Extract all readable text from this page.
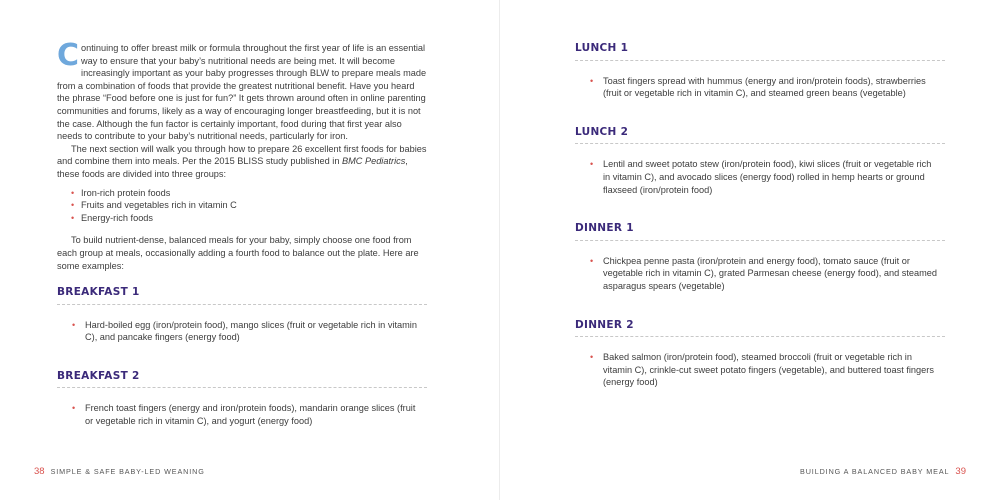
Continuing to offer breast milk or formula throughout the first year of life is an essential way to ensure that your baby’s nutritional needs are being met. It will become increasingly important as your baby progresses through BLW to prepare meals made from a combination of foods that provide the greatest nutritional benefit. Have you heard the phrase “Food before one is just for fun?” It gets thrown around often in online parenting communities and forums, likely as a way of encouraging longer breastfeeding, but it is not the case. Although the fun factor is certainly important, food during that first year also needs to contribute to your baby’s nutritional needs, particularly for iron.

The next section will walk you through how to prepare 26 excellent first foods for babies and combine them into meals. Per the 2015 BLISS study published in BMC Pediatrics, these foods are divided into three groups:

• Iron-rich protein foods
• Fruits and vegetables rich in vitamin C
• Energy-rich foods

To build nutrient-dense, balanced meals for your baby, simply choose one food from each group at meals, occasionally adding a fourth food to balance out the plate. Here are some examples:

BREAKFAST 1
• Hard-boiled egg (iron/protein food), mango slices (fruit or vegetable rich in vitamin C), and pancake fingers (energy food)
BREAKFAST 2
• French toast fingers (energy and iron/protein foods), mandarin orange slices (fruit or vegetable rich in vitamin C), and yogurt (energy food)
38 SIMPLE & SAFE BABY-LED WEANING
LUNCH 1
• Toast fingers spread with hummus (energy and iron/protein foods), strawberries (fruit or vegetable rich in vitamin C), and steamed green beans (vegetable)
LUNCH 2
• Lentil and sweet potato stew (iron/protein food), kiwi slices (fruit or vegetable rich in vitamin C), and avocado slices (energy food) rolled in hemp hearts or ground flaxseed (iron/protein food)
DINNER 1
• Chickpea penne pasta (iron/protein and energy food), tomato sauce (fruit or vegetable rich in vitamin C), grated Parmesan cheese (energy food), and steamed asparagus spears (vegetable)
DINNER 2
• Baked salmon (iron/protein food), steamed broccoli (fruit or vegetable rich in vitamin C), crinkle-cut sweet potato fingers (vegetable), and buttered toast fingers (energy food)
BUILDING A BALANCED BABY MEAL 39
